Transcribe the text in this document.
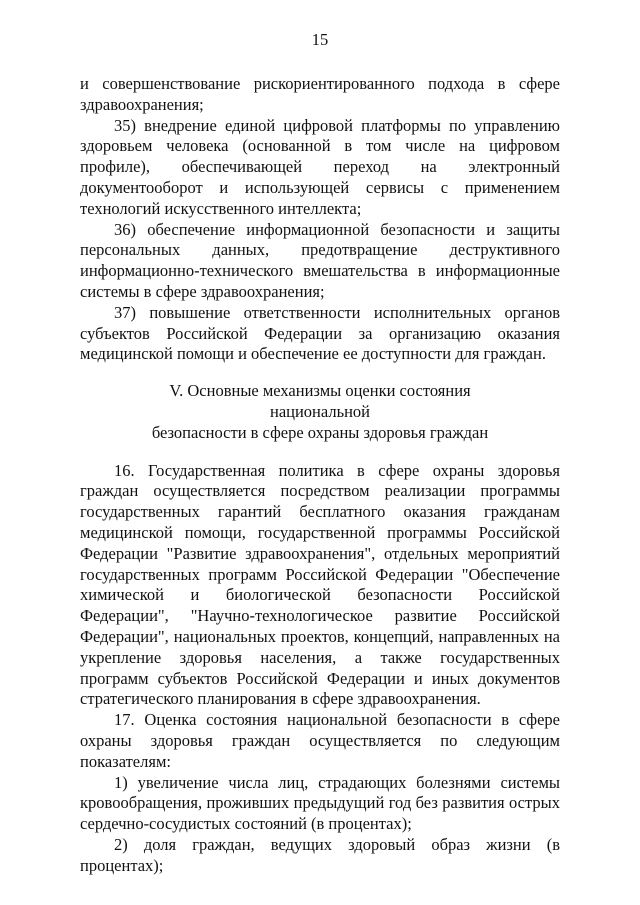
15

и совершенствование рискориентированного подхода в сфере здравоохранения;

35) внедрение единой цифровой платформы по управлению здоровьем человека (основанной в том числе на цифровом профиле), обеспечивающей переход на электронный документооборот и использующей сервисы с применением технологий искусственного интеллекта;

36) обеспечение информационной безопасности и защиты персональных данных, предотвращение деструктивного информационно-технического вмешательства в информационные системы в сфере здравоохранения;

37) повышение ответственности исполнительных органов субъектов Российской Федерации за организацию оказания медицинской помощи и обеспечение ее доступности для граждан.

V. Основные механизмы оценки состояния национальной
безопасности в сфере охраны здоровья граждан

16. Государственная политика в сфере охраны здоровья граждан осуществляется посредством реализации программы государственных гарантий бесплатного оказания гражданам медицинской помощи, государственной программы Российской Федерации "Развитие здравоохранения", отдельных мероприятий государственных программ Российской Федерации "Обеспечение химической и биологической безопасности Российской Федерации", "Научно-технологическое развитие Российской Федерации", национальных проектов, концепций, направленных на укрепление здоровья населения, а также государственных программ субъектов Российской Федерации и иных документов стратегического планирования в сфере здравоохранения.

17. Оценка состояния национальной безопасности в сфере охраны здоровья граждан осуществляется по следующим показателям:

1) увеличение числа лиц, страдающих болезнями системы кровообращения, проживших предыдущий год без развития острых сердечно-сосудистых состояний (в процентах);

2) доля граждан, ведущих здоровый образ жизни (в процентах);
